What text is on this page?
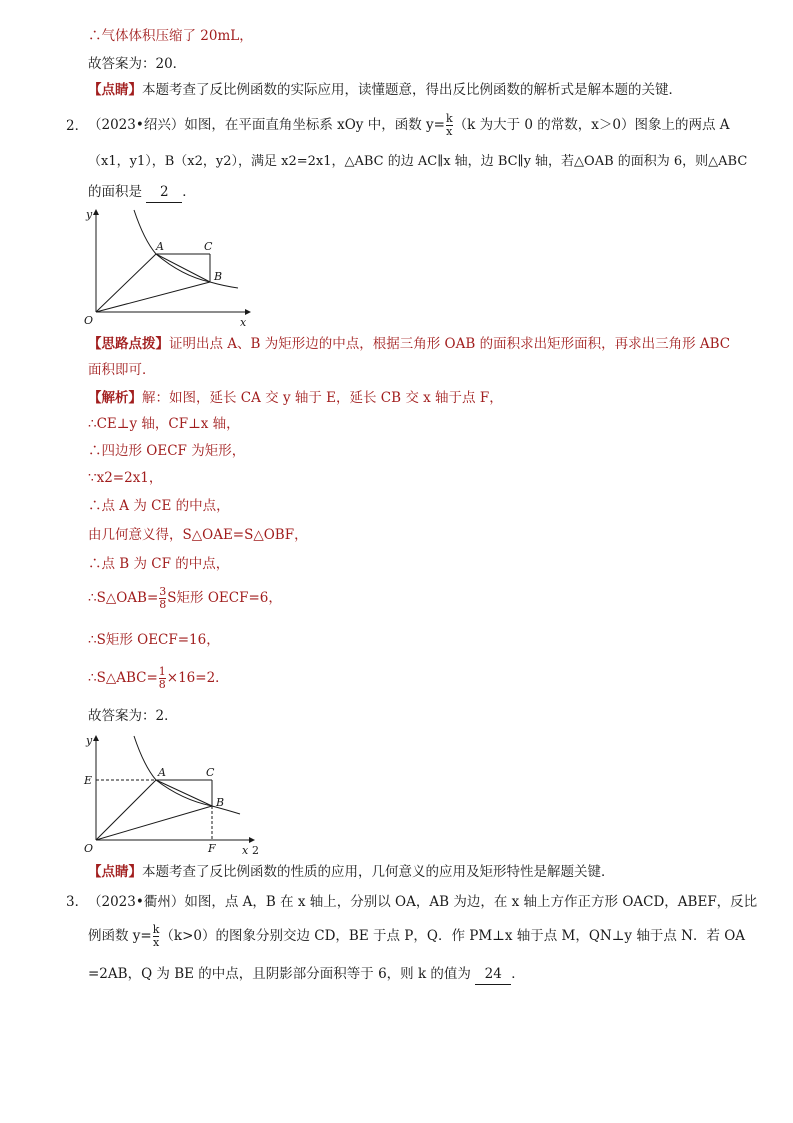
∴气体体积压缩了 20mL，
故答案为：20．
【点睛】本题考查了反比例函数的实际应用，读懂题意，得出反比例函数的解析式是解本题的关键．
2． （2023•绍兴）如图，在平面直角坐标系 xOy 中，函数 $y= \frac{k}{x} (k$ 为大于 0 的常数，x＞0）图象上的两点 A
（x1，y1），B（x2，y2），满足 x2=2x1，△ABC 的边 AC∥x 轴，边 BC∥y 轴，若△OAB 的面积为 6，则△ABC
的面积是 2 ．
y
x
O
A	C
B
【思路点拨】证明出点 A、B 为矩形边的中点，根据三角形 OAB 的面积求出矩形面积，再求出三角形 ABC
面积即可．
【解析】解：如图，延长 CA 交 y 轴于 E，延长 CB 交 x 轴于点 F，
∴CE⊥y 轴，CF⊥x 轴，
∴四边形 OECF 为矩形，
∵x2=2x1，
∴点 A 为 CE 的中点，
由几何意义得，S△OAE=S△OBF，
∴点 B 为 CF 的中点，
∴S△OAB= $\frac{3}{8}$ S矩形 OECF=6，
∴S矩形 OECF=16，
∴S△ABC= $\frac{1}{8} \times 16=2$．
故答案为：2．
y
x 2
O
E
A	C
B
F
【点睛】本题考查了反比例函数的性质的应用，几何意义的应用及矩形特性是解题关键．
3． （2023•衢州）如图，点 A，B 在 x 轴上，分别以 OA，AB 为边，在 x 轴上方作正方形 OACD，ABEF，反比
例函数 $y= \frac{k}{x} (k>0)$的图象分别交边 CD，BE 于点 P，Q．作 PM⊥x 轴于点 M，QN⊥y 轴于点 N．若 OA
=2AB，Q 为 BE 的中点，且阴影部分面积等于 6，则 k 的值为 24 ．
